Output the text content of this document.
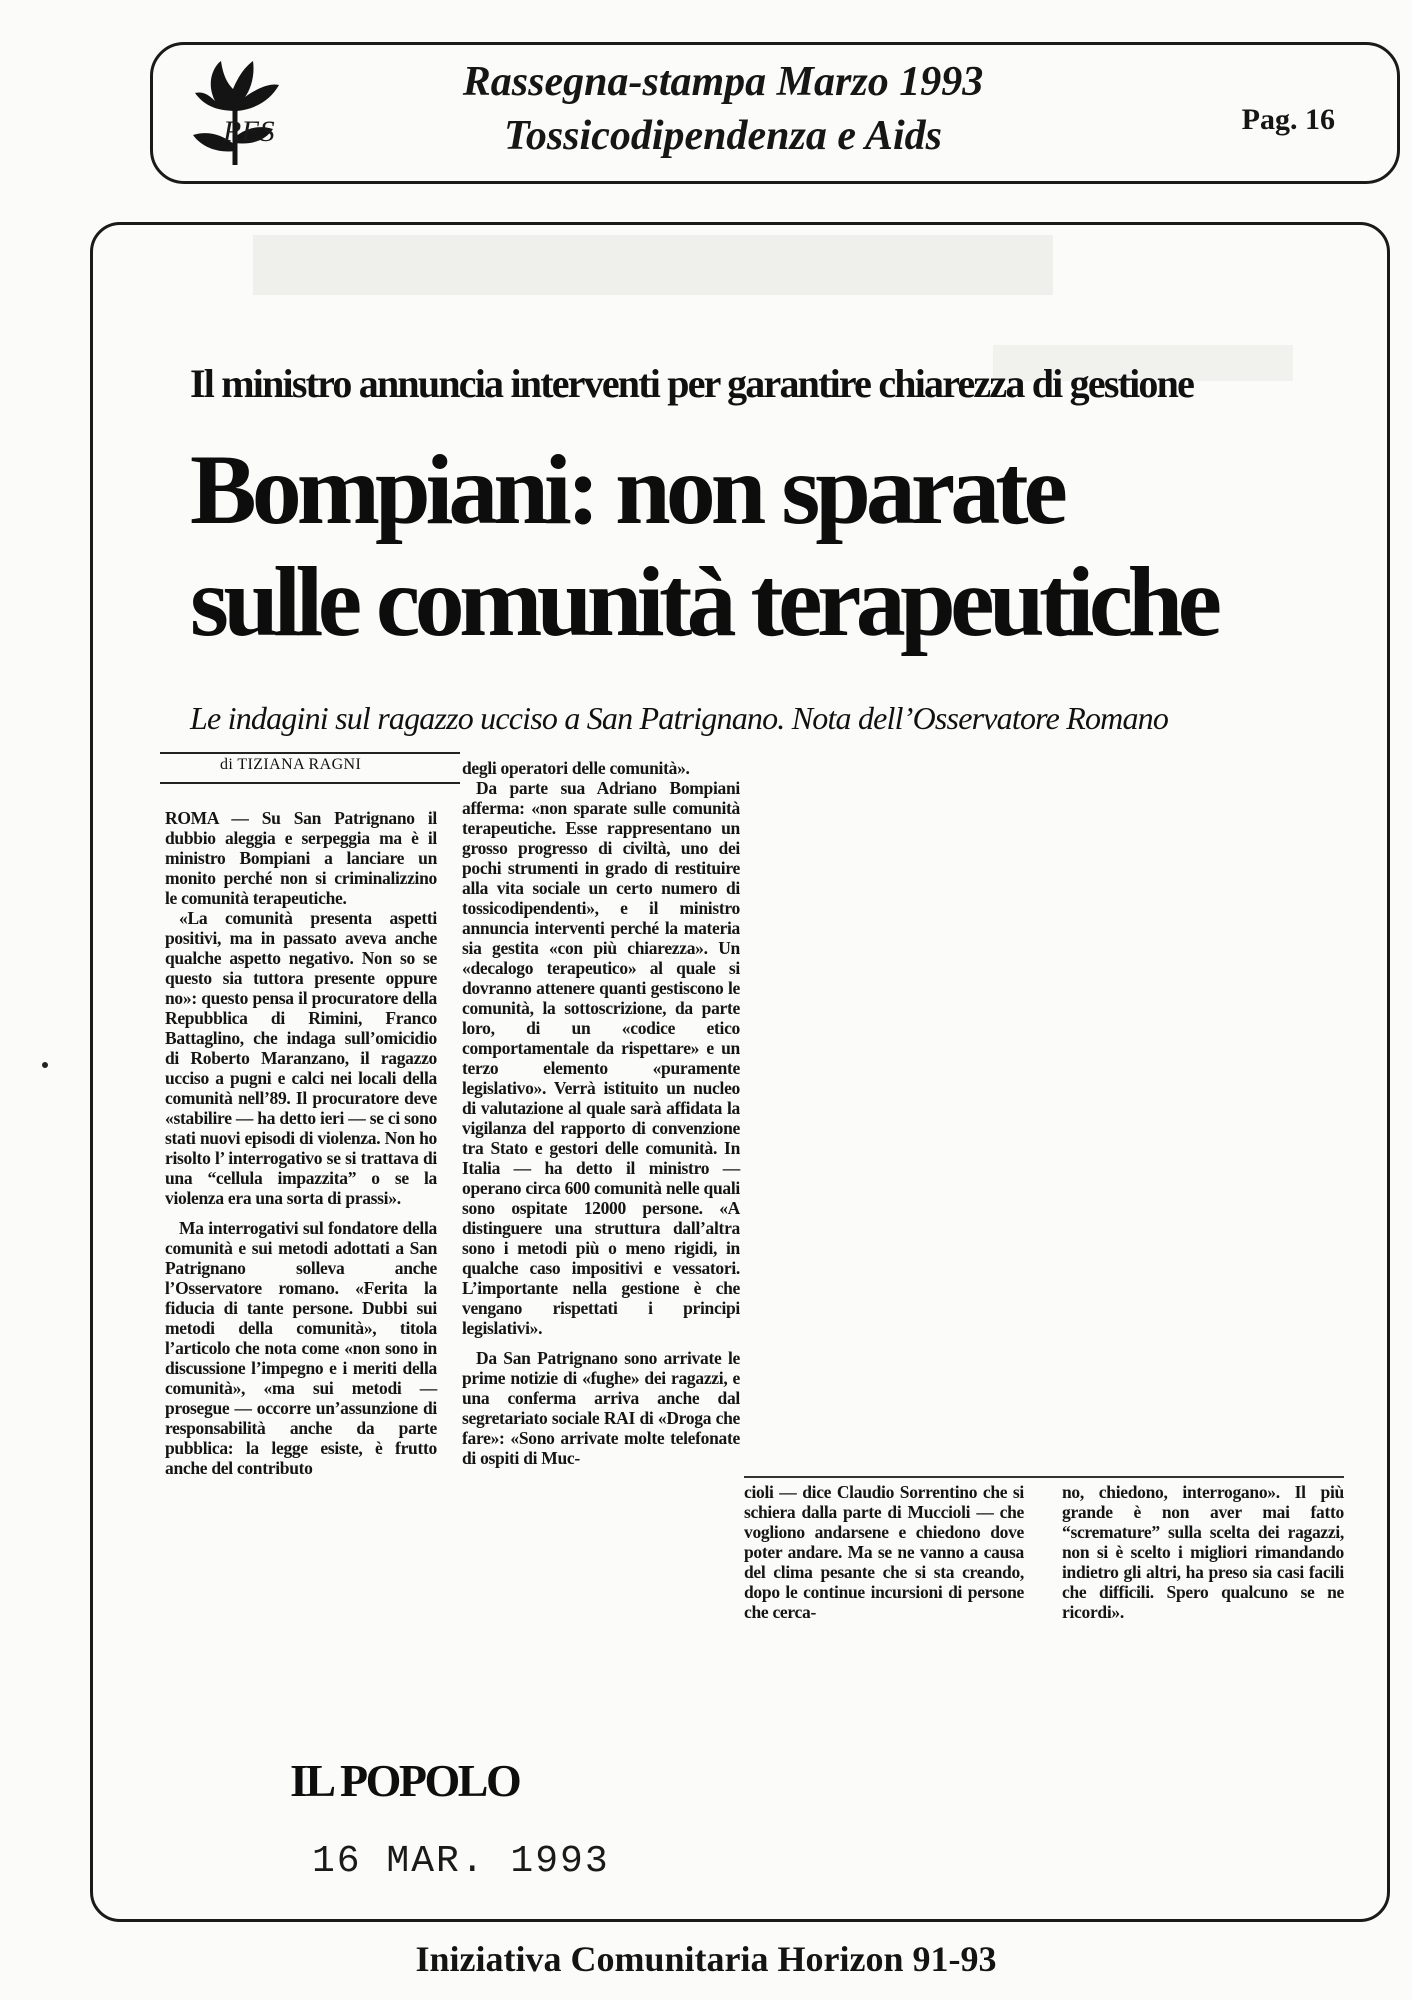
RES
Rassegna-stampa Marzo 1993
Tossicodipendenza e Aids	Pag. 16
Il ministro annuncia interventi per garantire chiarezza di gestione
Bompiani: non sparate
sulle comunità terapeutiche
Le indagini sul ragazzo ucciso a San Patrignano. Nota dell’Osservatore Romano
di TIZIANA RAGNI

ROMA — Su San Patrignano il dubbio aleggia e serpeggia ma è il ministro Bompiani a lanciare un monito perché non si criminalizzino le comunità terapeutiche.

«La comunità presenta aspetti positivi, ma in passato aveva anche qualche aspetto negativo. Non so se questo sia tuttora presente oppure no»: questo pensa il procuratore della Repubblica di Rimini, Franco Battaglino, che indaga sull’omicidio di Roberto Maranzano, il ragazzo ucciso a pugni e calci nei locali della comunità nell’89. Il procuratore deve «stabilire — ha detto ieri — se ci sono stati nuovi episodi di violenza. Non ho risolto l’ interrogativo se si trattava di una “cellula impazzita” o se la violenza era una sorta di prassi».

Ma interrogativi sul fondatore della comunità e sui metodi adottati a San Patrignano solleva anche l’Osservatore romano. «Ferita la fiducia di tante persone. Dubbi sui metodi della comunità», titola l’articolo che nota come «non sono in discussione l’impegno e i meriti della comunità», «ma sui metodi — prosegue — occorre un’assunzione di responsabilità anche da parte pubblica: la legge esiste, è frutto anche del contributo

degli operatori delle comunità».

Da parte sua Adriano Bompiani afferma: «non sparate sulle comunità terapeutiche. Esse rappresentano un grosso progresso di civiltà, uno dei pochi strumenti in grado di restituire alla vita sociale un certo numero di tossicodipendenti», e il ministro annuncia interventi perché la materia sia gestita «con più chiarezza». Un «decalogo terapeutico» al quale si dovranno attenere quanti gestiscono le comunità, la sottoscrizione, da parte loro, di un «codice etico comportamentale da rispettare» e un terzo elemento «puramente legislativo». Verrà istituito un nucleo di valutazione al quale sarà affidata la vigilanza del rapporto di convenzione tra Stato e gestori delle comunità. In Italia — ha detto il ministro — operano circa 600 comunità nelle quali sono ospitate 12000 persone. «A distinguere una struttura dall’altra sono i metodi più o meno rigidi, in qualche caso impositivi e vessatori. L’importante nella gestione è che vengano rispettati i principi legislativi».

Da San Patrignano sono arrivate le prime notizie di «fughe» dei ragazzi, e una conferma arriva anche dal segretariato sociale RAI di «Droga che fare»: «Sono arrivate molte telefonate di ospiti di Muc-

cioli — dice Claudio Sorrentino che si schiera dalla parte di Muccioli — che vogliono andarsene e chiedono dove poter andare. Ma se ne vanno a causa del clima pesante che si sta creando, dopo le continue incursioni di persone che cerca-

no, chiedono, interrogano». Il più grande è non aver mai fatto “scremature” sulla scelta dei ragazzi, non si è scelto i migliori rimandando indietro gli altri, ha preso sia casi facili che difficili. Spero qualcuno se ne ricordi».

IL POPOLO
16 MAR. 1993
Iniziativa Comunitaria Horizon 91-93
